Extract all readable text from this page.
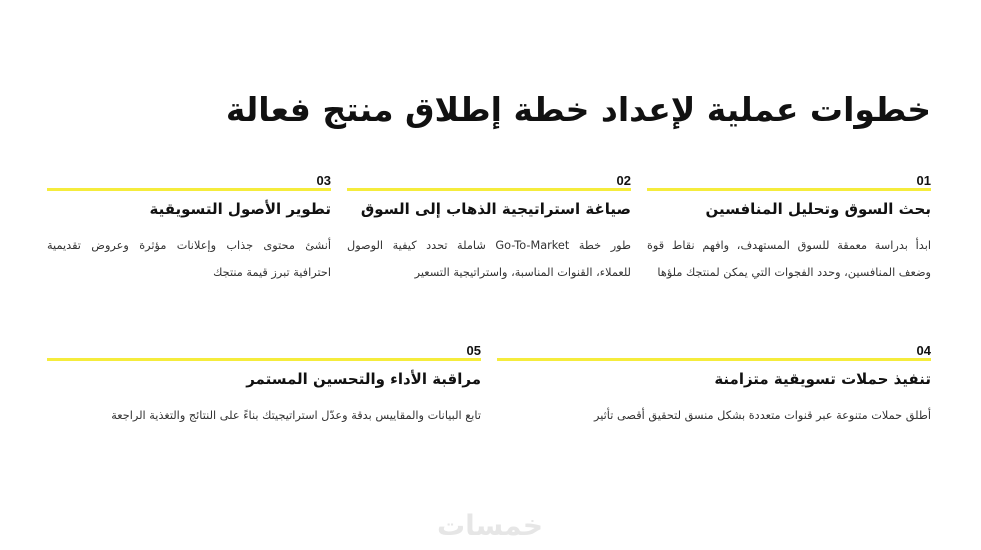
خطوات عملية لإعداد خطة إطلاق منتج فعالة
01
بحث السوق وتحليل المنافسين
ابدأ بدراسة معمقة للسوق المستهدف، وافهم نقاط قوة وضعف المنافسين، وحدد الفجوات التي يمكن لمنتجك ملؤها
02
صياغة استراتيجية الذهاب إلى السوق
طور خطة Go-To-Market شاملة تحدد كيفية الوصول للعملاء، القنوات المناسبة، واستراتيجية التسعير
03
تطوير الأصول التسويقية
أنشئ محتوى جذاب وإعلانات مؤثرة وعروض تقديمية احترافية تبرز قيمة منتجك
04
تنفيذ حملات تسويقية متزامنة
أطلق حملات متنوعة عبر قنوات متعددة بشكل منسق لتحقيق أقصى تأثير
05
مراقبة الأداء والتحسين المستمر
تابع البيانات والمقاييس بدقة وعدّل استراتيجيتك بناءً على النتائج والتغذية الراجعة
خمسات
